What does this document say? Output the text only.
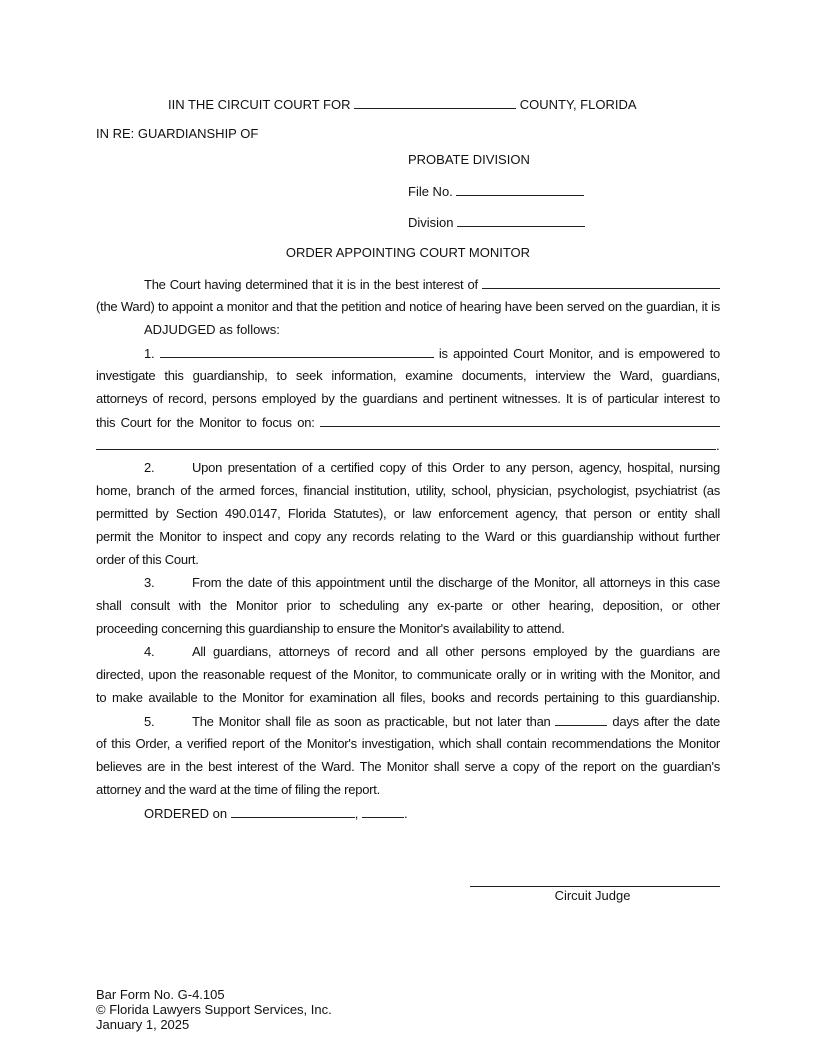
IIN THE CIRCUIT COURT FOR	COUNTY, FLORIDA
IN RE: GUARDIANSHIP OF
PROBATE DIVISION
File No.
Division
ORDER APPOINTING COURT MONITOR
The Court having determined that it is in the best interest of
(the Ward) to appoint a monitor and that the petition and notice of hearing have been served on the guardian, it is
ADJUDGED as follows:
1.	is appointed Court Monitor, and is empowered to
investigate this guardianship, to seek information, examine documents, interview the Ward, guardians,
attorneys of record, persons employed by the guardians and pertinent witnesses. It is of particular interest to
this Court for the Monitor to focus on:
.
2.	Upon presentation of a certified copy of this Order to any person, agency, hospital, nursing
home, branch of the armed forces, financial institution, utility, school, physician, psychologist, psychiatrist (as
permitted by Section 490.0147, Florida Statutes), or law enforcement agency, that person or entity shall
permit the Monitor to inspect and copy any records relating to the Ward or this guardianship without further
order of this Court.
3.	From the date of this appointment until the discharge of the Monitor, all attorneys in this case
shall consult with the Monitor prior to scheduling any ex-parte or other hearing, deposition, or other
proceeding concerning this guardianship to ensure the Monitor's availability to attend.
4.	All guardians, attorneys of record and all other persons employed by the guardians are
directed, upon the reasonable request of the Monitor, to communicate orally or in writing with the Monitor, and
to make available to the Monitor for examination all files, books and records pertaining to this guardianship.
5.	The Monitor shall file as soon as practicable, but not later than	days after the date
of this Order, a verified report of the Monitor's investigation, which shall contain recommendations the Monitor
believes are in the best interest of the Ward. The Monitor shall serve a copy of the report on the guardian's
attorney and the ward at the time of filing the report.
ORDERED on	,	.
Circuit Judge
Bar Form No. G-4.105
© Florida Lawyers Support Services, Inc.
January 1, 2025
